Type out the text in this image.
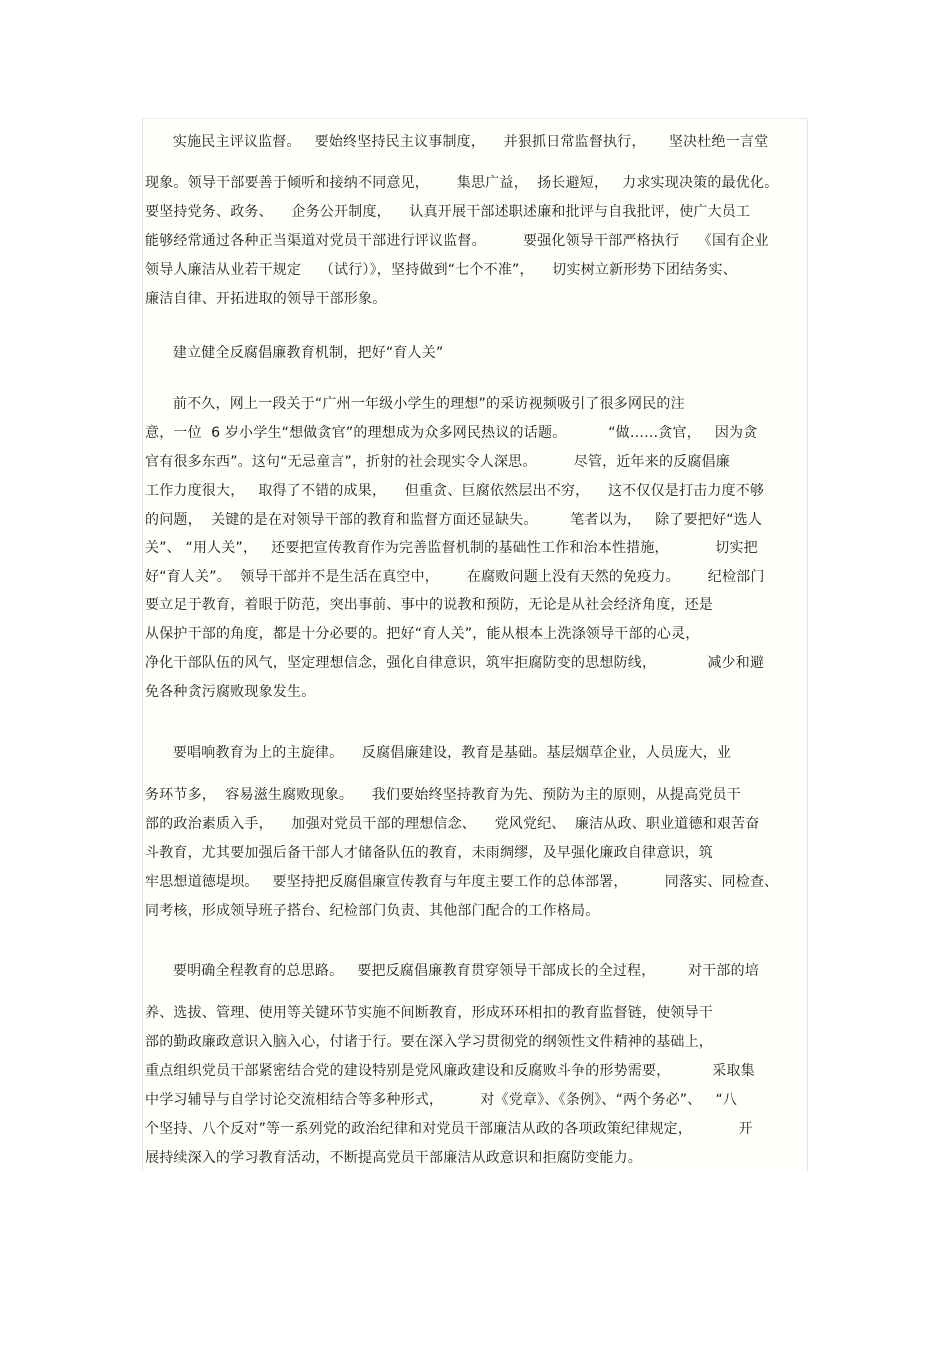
实施民主评议监督。   要始终坚持民主议事制度，    并狠抓日常监督执行，     坚决杜绝一言堂
现象。领导干部要善于倾听和接纳不同意见，      集思广益，  扬长避短，   力求实现决策的最优化。
要坚持党务、政务、    企务公开制度，    认真开展干部述职述廉和批评与自我批评，使广大员工
能够经常通过各种正当渠道对党员干部进行评议监督。        要强化领导干部严格执行    《国有企业
领导人廉洁从业若干规定    （试行）》，坚持做到“七个不准”，    切实树立新形势下团结务实、
廉洁自律、开拓进取的领导干部形象。
建立健全反腐倡廉教育机制，把好“育人关”
前不久，网上一段关于“广州一年级小学生的理想”的采访视频吸引了很多网民的注
意，一位  6 岁小学生“想做贪官”的理想成为众多网民热议的话题。         “做……贪官，   因为贪
官有很多东西”。这句“无忌童言”，折射的社会现实令人深思。        尽管，近年来的反腐倡廉
工作力度很大，   取得了不错的成果，    但重贪、巨腐依然层出不穷，    这不仅仅是打击力度不够
的问题，  关键的是在对领导干部的教育和监督方面还显缺失。       笔者以为，   除了要把好“选人
关”、 “用人关”，   还要把宣传教育作为完善监督机制的基础性工作和治本性措施，          切实把
好“育人关”。  领导干部并不是生活在真空中，      在腐败问题上没有天然的免疫力。      纪检部门
要立足于教育，着眼于防范，突出事前、事中的说教和预防，无论是从社会经济角度，还是
从保护干部的角度，都是十分必要的。把好“育人关”，能从根本上洗涤领导干部的心灵，
净化干部队伍的风气，坚定理想信念，强化自律意识，筑牢拒腐防变的思想防线，           减少和避
免各种贪污腐败现象发生。
要唱响教育为上的主旋律。    反腐倡廉建设，教育是基础。基层烟草企业，人员庞大，业
务环节多，  容易滋生腐败现象。    我们要始终坚持教育为先、预防为主的原则，从提高党员干
部的政治素质入手，    加强对党员干部的理想信念、    党风党纪、  廉洁从政、职业道德和艰苦奋
斗教育，尤其要加强后备干部人才储备队伍的教育，未雨绸缪，及早强化廉政自律意识，筑
牢思想道德堤坝。   要坚持把反腐倡廉宣传教育与年度主要工作的总体部署，        同落实、同检查、
同考核，形成领导班子搭台、纪检部门负责、其他部门配合的工作格局。
要明确全程教育的总思路。   要把反腐倡廉教育贯穿领导干部成长的全过程，       对干部的培
养、选拔、管理、使用等关键环节实施不间断教育，形成环环相扣的教育监督链，使领导干
部的勤政廉政意识入脑入心，付诸于行。要在深入学习贯彻党的纲领性文件精神的基础上，
重点组织党员干部紧密结合党的建设特别是党风廉政建设和反腐败斗争的形势需要，         采取集
中学习辅导与自学讨论交流相结合等多种形式，        对《党章》、《条例》、“两个务必”、   “八
个坚持、八个反对”等一系列党的政治纪律和对党员干部廉洁从政的各项政策纪律规定，          开
展持续深入的学习教育活动，不断提高党员干部廉洁从政意识和拒腐防变能力。
